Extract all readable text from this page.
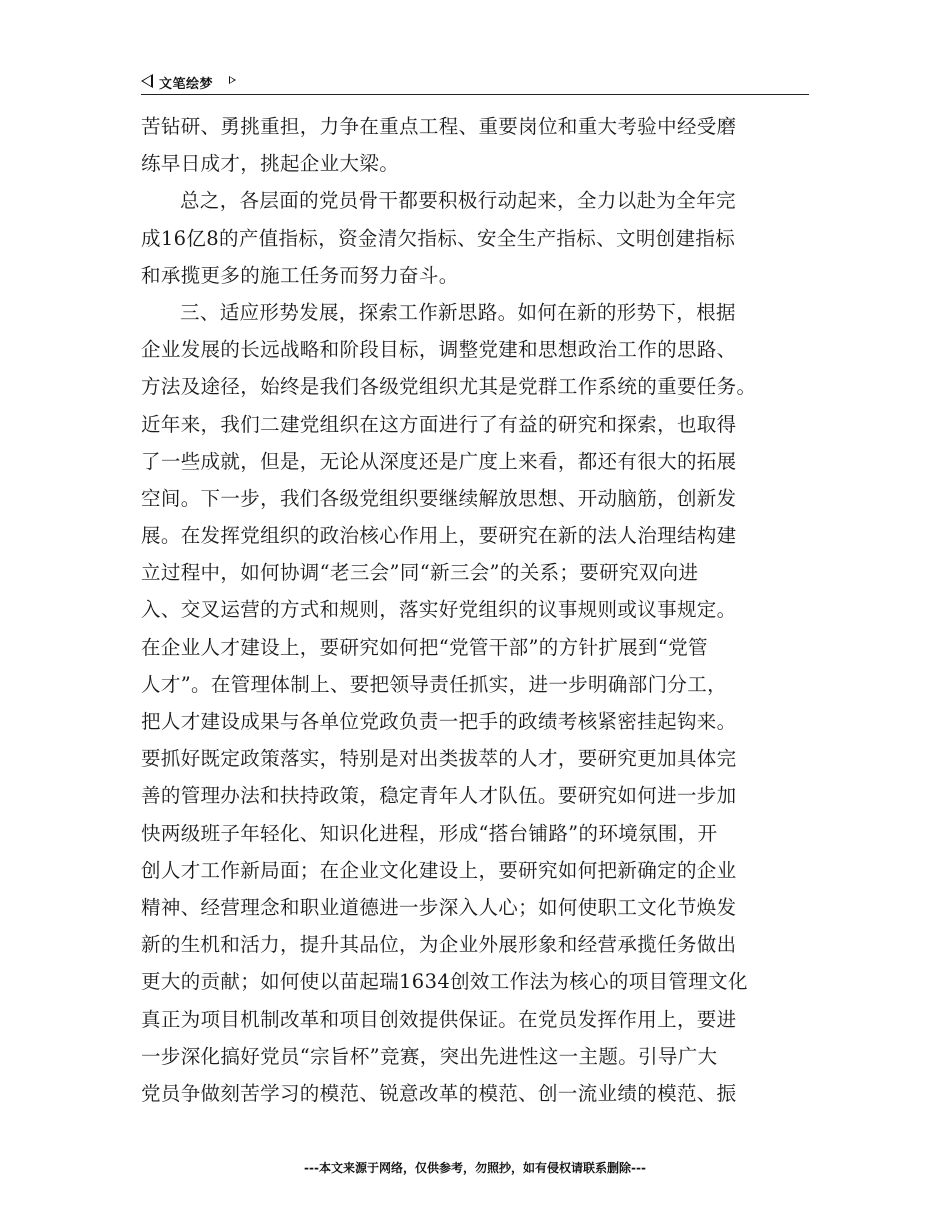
文笔绘梦
苦钻研、勇挑重担，力争在重点工程、重要岗位和重大考验中经受磨
练早日成才，挑起企业大梁。
总之，各层面的党员骨干都要积极行动起来，全力以赴为全年完
成16亿8的产值指标，资金清欠指标、安全生产指标、文明创建指标
和承揽更多的施工任务而努力奋斗。
三、适应形势发展，探索工作新思路。如何在新的形势下，根据
企业发展的长远战略和阶段目标，调整党建和思想政治工作的思路、
方法及途径，始终是我们各级党组织尤其是党群工作系统的重要任务。
近年来，我们二建党组织在这方面进行了有益的研究和探索，也取得
了一些成就，但是，无论从深度还是广度上来看，都还有很大的拓展
空间。下一步，我们各级党组织要继续解放思想、开动脑筋，创新发
展。在发挥党组织的政治核心作用上，要研究在新的法人治理结构建
立过程中，如何协调“老三会”同“新三会”的关系；要研究双向进
入、交叉运营的方式和规则，落实好党组织的议事规则或议事规定。
在企业人才建设上，要研究如何把“党管干部”的方针扩展到“党管
人才”。在管理体制上、要把领导责任抓实，进一步明确部门分工，
把人才建设成果与各单位党政负责一把手的政绩考核紧密挂起钩来。
要抓好既定政策落实，特别是对出类拔萃的人才，要研究更加具体完
善的管理办法和扶持政策，稳定青年人才队伍。要研究如何进一步加
快两级班子年轻化、知识化进程，形成“搭台铺路”的环境氛围，开
创人才工作新局面；在企业文化建设上，要研究如何把新确定的企业
精神、经营理念和职业道德进一步深入人心；如何使职工文化节焕发
新的生机和活力，提升其品位，为企业外展形象和经营承揽任务做出
更大的贡献；如何使以苗起瑞1634创效工作法为核心的项目管理文化
真正为项目机制改革和项目创效提供保证。在党员发挥作用上，要进
一步深化搞好党员“宗旨杯”竞赛，突出先进性这一主题。引导广大
党员争做刻苦学习的模范、锐意改革的模范、创一流业绩的模范、振
---本文来源于网络，仅供参考，勿照抄，如有侵权请联系删除---
